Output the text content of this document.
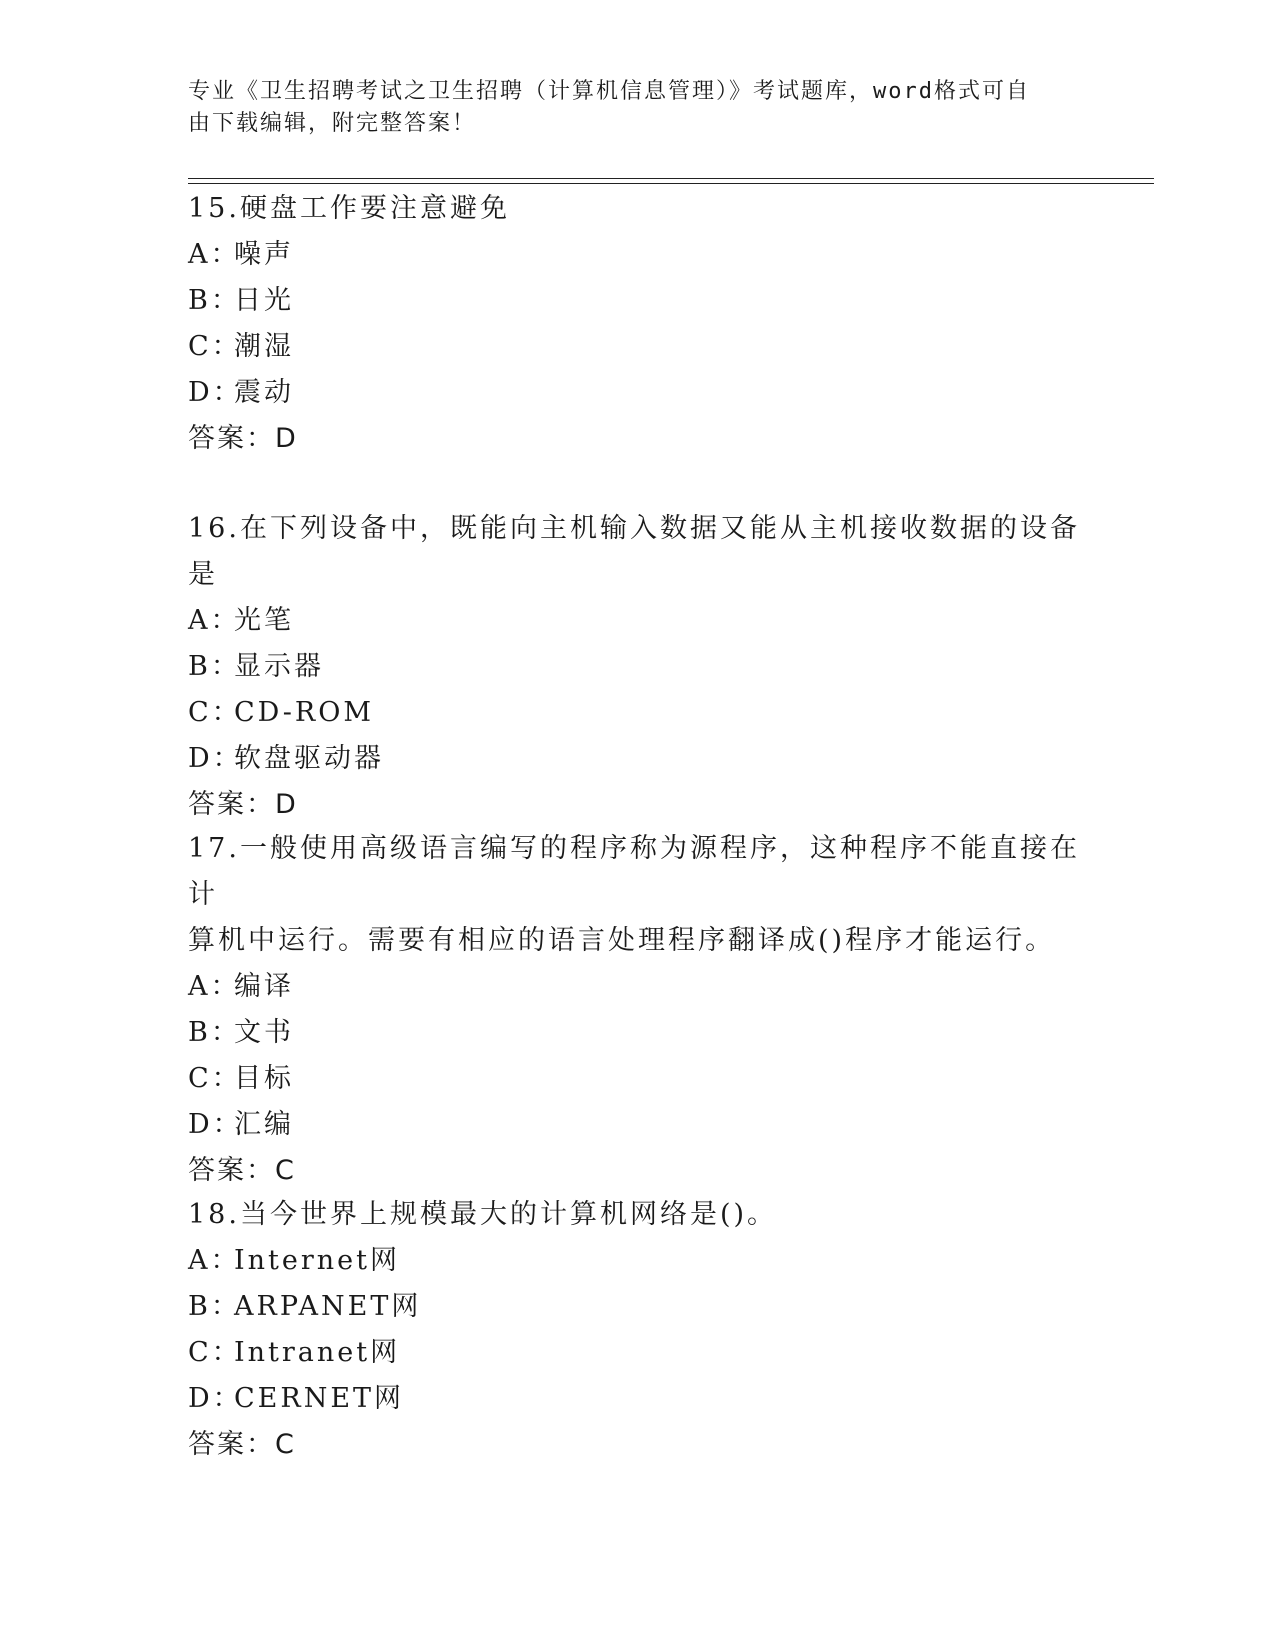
专业《卫生招聘考试之卫生招聘（计算机信息管理）》考试题库，word格式可自
由下载编辑，附完整答案！

15.硬盘工作要注意避免

A：
噪声

B：
日光

C：
潮湿

D：
震动

答案：D

16.在下列设备中，既能向主机输入数据又能从主机接收数据的设备是

A：
光笔

B：
显示器

C：
CD-ROM

D：
软盘驱动器

答案：D

17.一般使用高级语言编写的程序称为源程序，这种程序不能直接在计

算机中运行。需要有相应的语言处理程序翻译成()程序才能运行。

A：
编译

B：
文书

C：
目标

D：
汇编

答案：C

18.当今世界上规模最大的计算机网络是()。

A：
Internet网

B：
ARPANET网

C：
Intranet网

D：
CERNET网

答案：C
